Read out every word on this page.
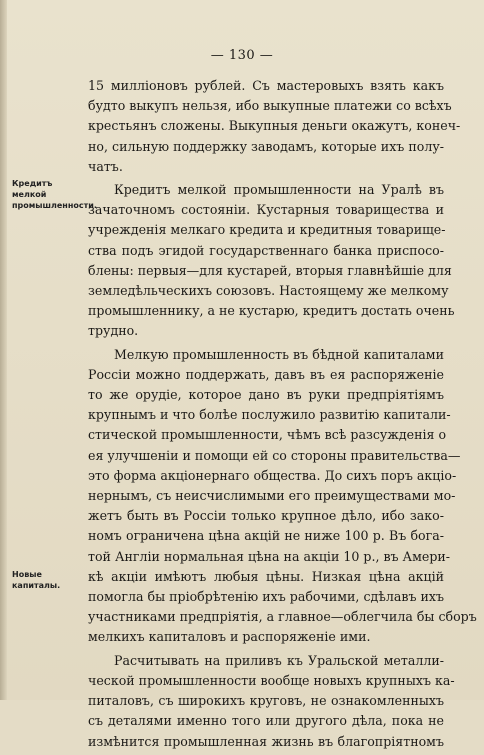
— 130 —
Кредитъ мелкой
промышленности.
Новые капиталы.
15 милліоновъ рублей. Съ мастеровыхъ взять какъ
будто выкупъ нельзя, ибо выкупные платежи со всѣхъ
крестьянъ сложены. Выкупныя деньги окажутъ, конеч-
но, сильную поддержку заводамъ, которые ихъ полу-
чатъ.
Кредитъ мелкой промышленности на Уралѣ въ
зачаточномъ состояніи. Кустарныя товарищества и
учрежденія мелкаго кредита и кредитныя товарище-
ства подъ эгидой государственнаго банка приспосо-
блены: первыя—для кустарей, вторыя главнѣйшіе для
земледѣльческихъ союзовъ. Настоящему же мелкому
промышленнику, а не кустарю, кредитъ достать очень
трудно.
Мелкую промышленность въ бѣдной капиталами
Россіи можно поддержать, давъ въ ея распоряженіе
то же орудіе, которое дано въ руки предпріятіямъ
крупнымъ и что болѣе послужило развитію капитали-
стической промышленности, чѣмъ всѣ разсужденія о
ея улучшеніи и помощи ей со стороны правительства—
это форма акціонернаго общества. До сихъ поръ акціо-
нернымъ, съ неисчислимыми его преимуществами мо-
жетъ быть въ Россіи только крупное дѣло, ибо зако-
номъ ограничена цѣна акцій не ниже 100 р. Въ бога-
той Англіи нормальная цѣна на акціи 10 р., въ Амери-
кѣ акціи имѣютъ любыя цѣны. Низкая цѣна акцій
помогла бы пріобрѣтенію ихъ рабочими, сдѣлавъ ихъ
участниками предпріятія, а главное—облегчила бы сборъ
мелкихъ капиталовъ и распоряженіе ими.
Расчитывать на приливъ къ Уральской металли-
ческой промышленности вообще новыхъ крупныхъ ка-
питаловъ, съ широкихъ круговъ, не ознакомленныхъ
съ деталями именно того или другого дѣла, пока не
измѣнится промышленная жизнь въ благопріятномъ
